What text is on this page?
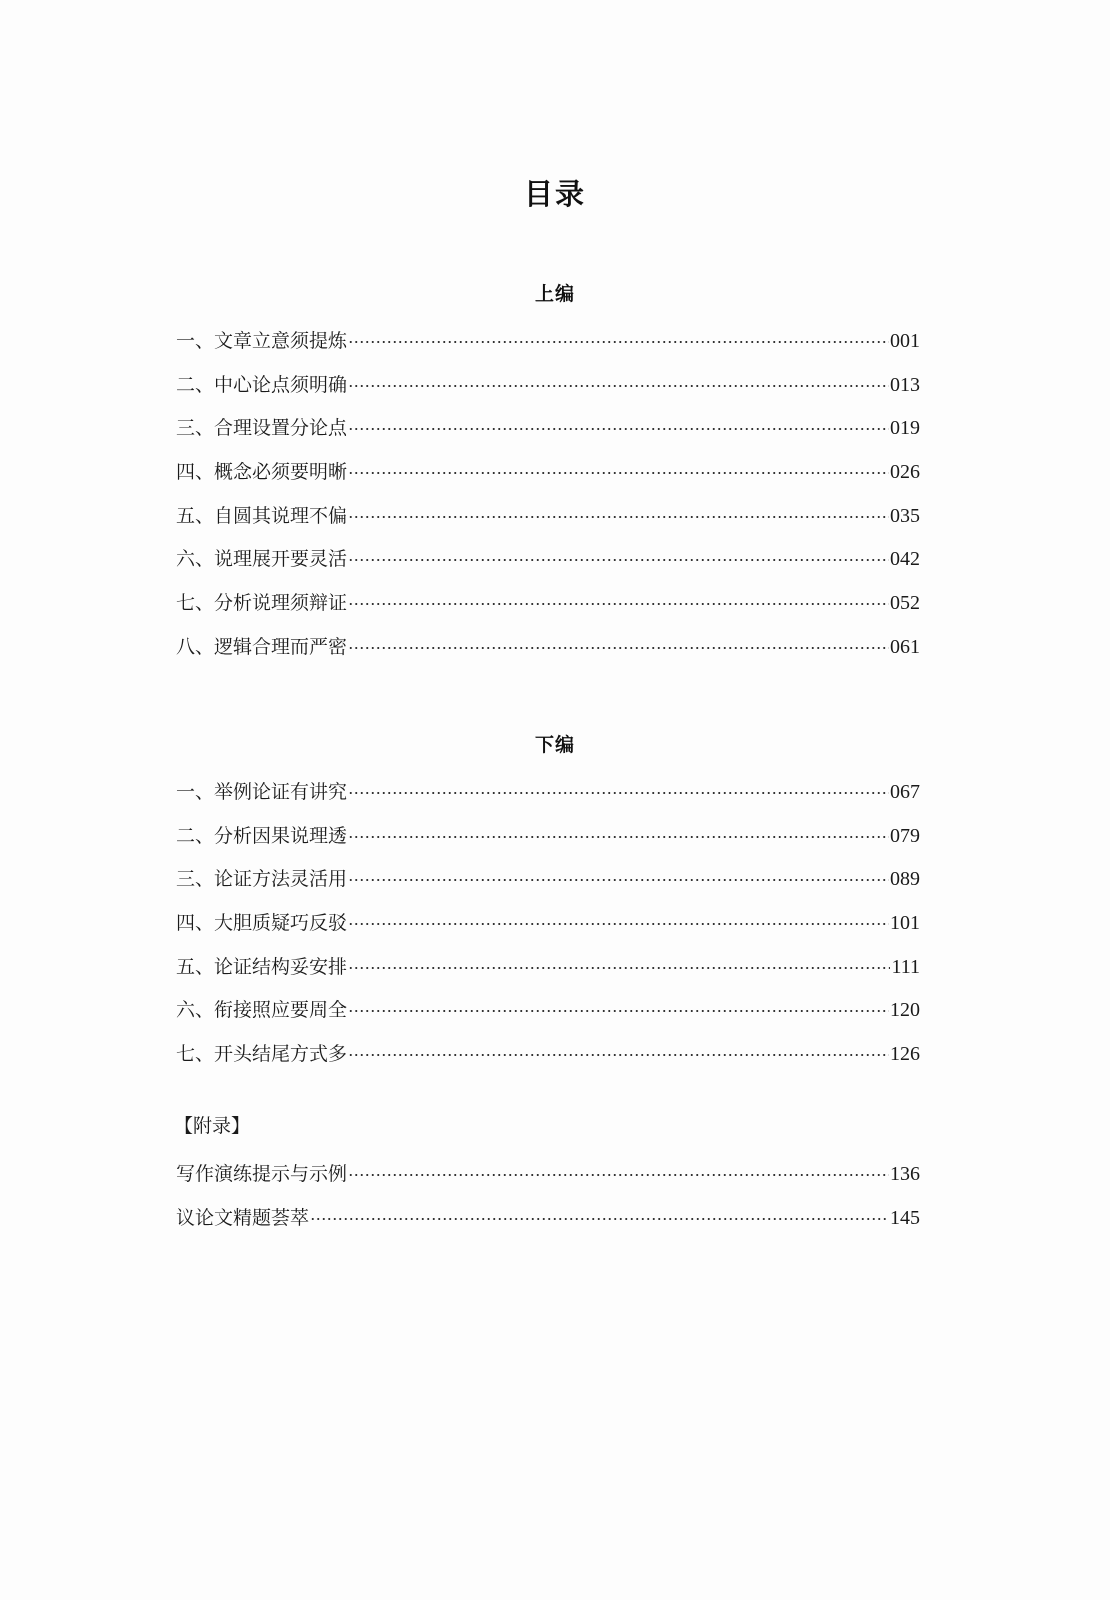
目录
上编
一、文章立意须提炼	001
二、中心论点须明确	013
三、合理设置分论点	019
四、概念必须要明晰	026
五、自圆其说理不偏	035
六、说理展开要灵活	042
七、分析说理须辩证	052
八、逻辑合理而严密	061
下编
一、举例论证有讲究	067
二、分析因果说理透	079
三、论证方法灵活用	089
四、大胆质疑巧反驳	101
五、论证结构妥安排	111
六、衔接照应要周全	120
七、开头结尾方式多	126
【附录】
写作演练提示与示例	136
议论文精题荟萃	145
